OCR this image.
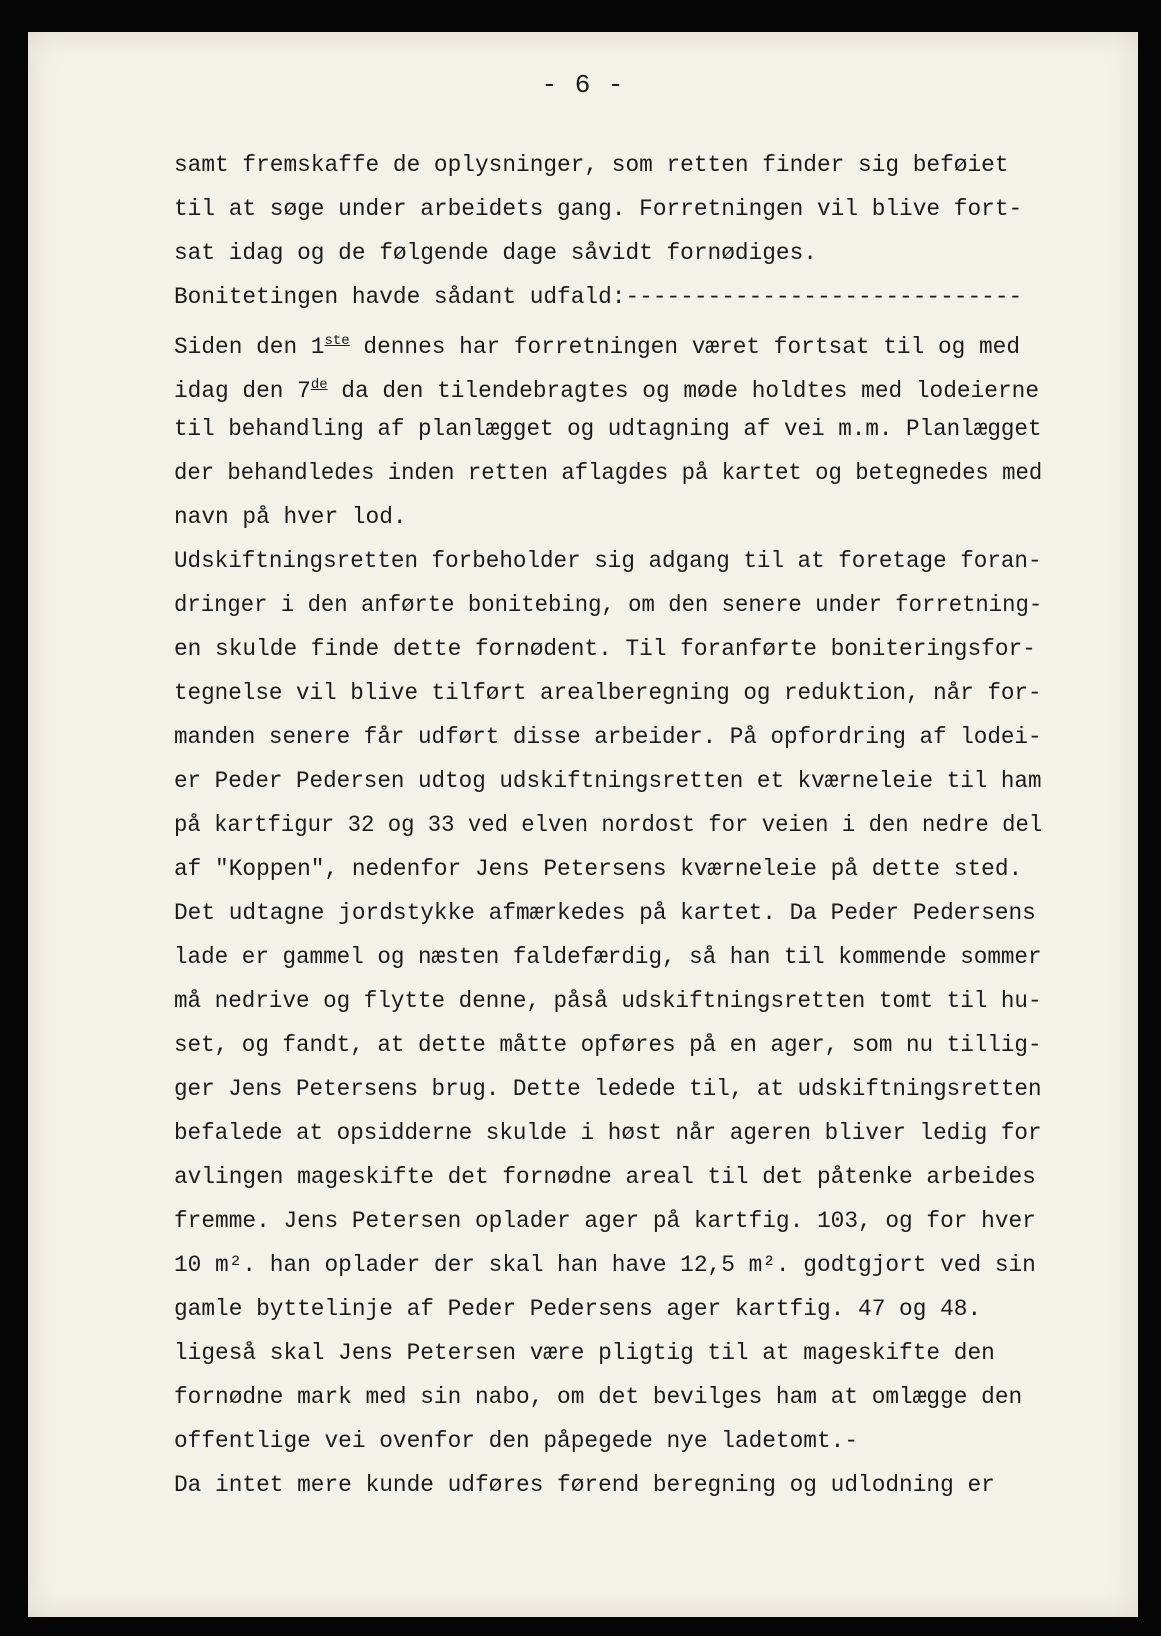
- 6 -
samt fremskaffe de oplysninger, som retten finder sig beføiet
til at søge under arbeidets gang. Forretningen vil blive fort-
sat idag og de følgende dage såvidt fornødiges.
Bonitetingen havde sådant udfald:-----------------------------
Siden den 1ste dennes har forretningen været fortsat til og med
idag den 7de da den tilendebragtes og møde holdtes med lodeierne
til behandling af planlægget og udtagning af vei m.m. Planlægget
der behandledes inden retten aflagdes på kartet og betegnedes med
navn på hver lod.
Udskiftningsretten forbeholder sig adgang til at foretage foran-
dringer i den anførte bonitebing, om den senere under forretning-
en skulde finde dette fornødent. Til foranførte boniteringsfor-
tegnelse vil blive tilført arealberegning og reduktion, når for-
manden senere får udført disse arbeider. På opfordring af lodei-
er Peder Pedersen udtog udskiftningsretten et kværneleie til ham
på kartfigur 32 og 33 ved elven nordost for veien i den nedre del
af "Koppen", nedenfor Jens Petersens kværneleie på dette sted.
Det udtagne jordstykke afmærkedes på kartet. Da Peder Pedersens
lade er gammel og næsten faldefærdig, så han til kommende sommer
må nedrive og flytte denne, påså udskiftningsretten tomt til hu-
set, og fandt, at dette måtte opføres på en ager, som nu tillig-
ger Jens Petersens brug. Dette ledede til, at udskiftningsretten
befalede at opsidderne skulde i høst når ageren bliver ledig for
avlingen mageskifte det fornødne areal til det påtenke arbeides
fremme. Jens Petersen oplader ager på kartfig. 103, og for hver
10 m². han oplader der skal han have 12,5 m². godtgjort ved sin
gamle byttelinje af Peder Pedersens ager kartfig. 47 og 48.
ligeså skal Jens Petersen være pligtig til at mageskifte den
fornødne mark med sin nabo, om det bevilges ham at omlægge den
offentlige vei ovenfor den påpegede nye ladetomt.-
Da intet mere kunde udføres førend beregning og udlodning er
